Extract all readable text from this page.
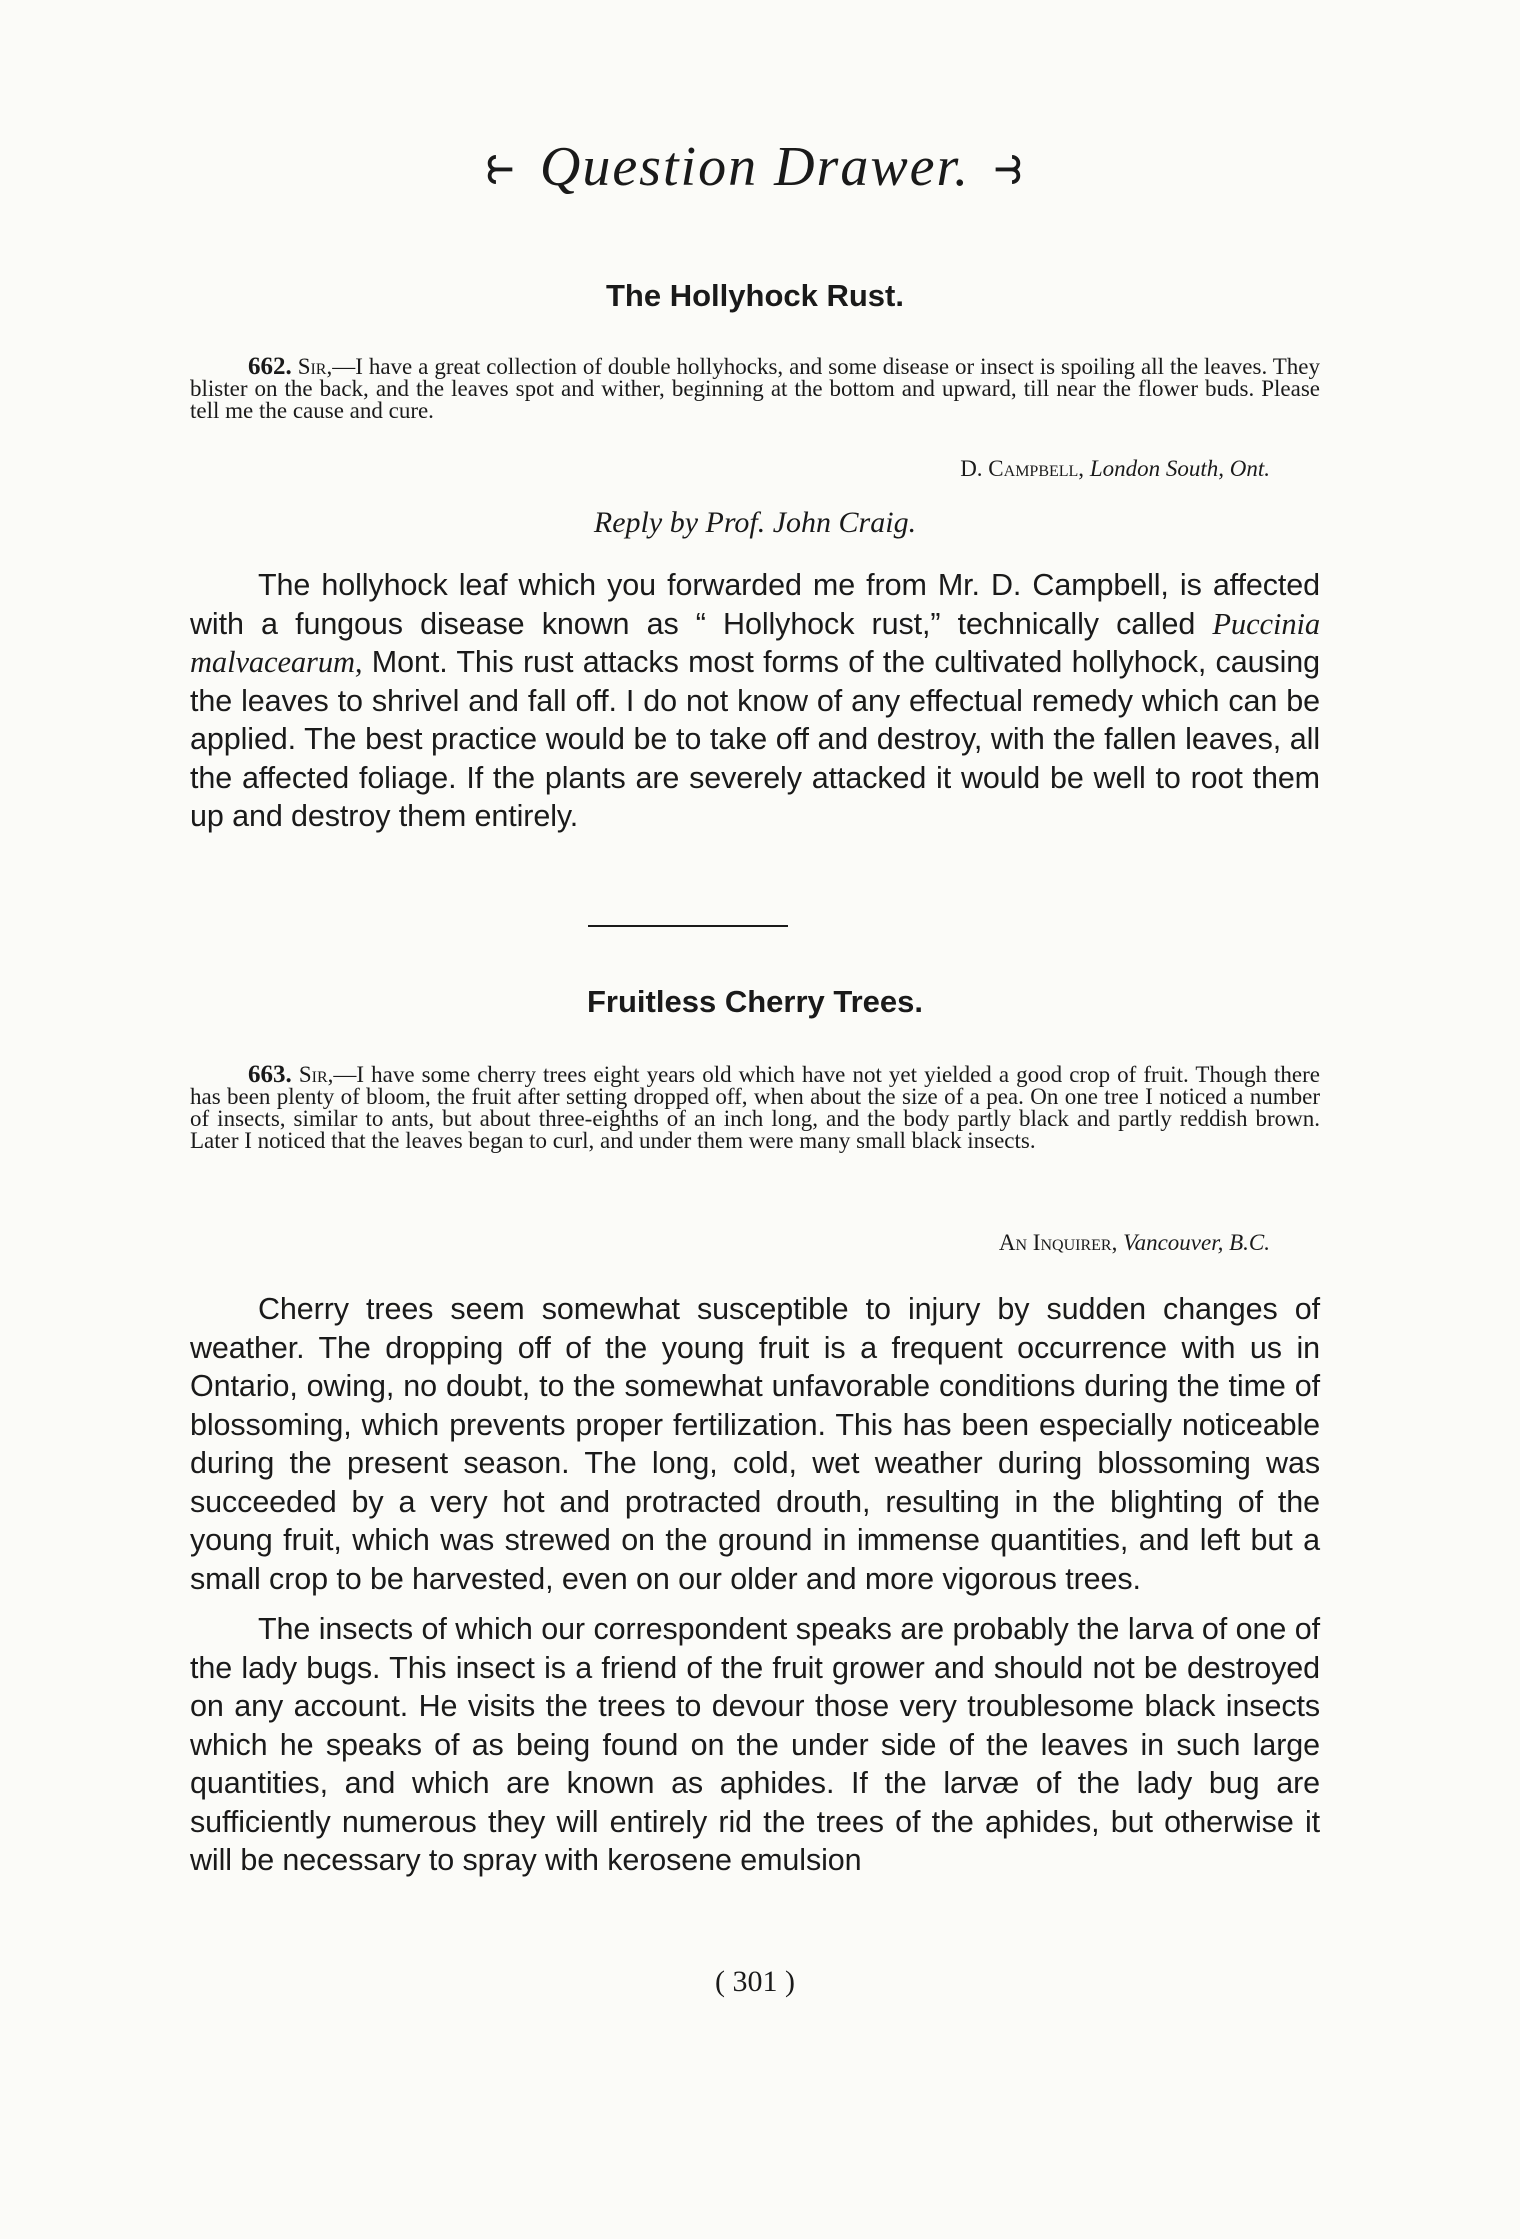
⥼ Question Drawer. ⥽
The Hollyhock Rust.
662. Sir,—I have a great collection of double hollyhocks, and some disease or insect is spoiling all the leaves. They blister on the back, and the leaves spot and wither, beginning at the bottom and upward, till near the flower buds. Please tell me the cause and cure.
D. Campbell, London South, Ont.
Reply by Prof. John Craig.

The hollyhock leaf which you forwarded me from Mr. D. Campbell, is affected with a fungous disease known as “ Hollyhock rust,” technically called Puccinia malvacearum, Mont. This rust attacks most forms of the cultivated hollyhock, causing the leaves to shrivel and fall off. I do not know of any effectual remedy which can be applied. The best practice would be to take off and destroy, with the fallen leaves, all the affected foliage. If the plants are severely attacked it would be well to root them up and destroy them entirely.

Fruitless Cherry Trees.
663. Sir,—I have some cherry trees eight years old which have not yet yielded a good crop of fruit. Though there has been plenty of bloom, the fruit after setting dropped off, when about the size of a pea. On one tree I noticed a number of insects, similar to ants, but about three-eighths of an inch long, and the body partly black and partly reddish brown. Later I noticed that the leaves began to curl, and under them were many small black insects.
An Inquirer, Vancouver, B.C.

Cherry trees seem somewhat susceptible to injury by sudden changes of weather. The dropping off of the young fruit is a frequent occurrence with us in Ontario, owing, no doubt, to the somewhat unfavorable conditions during the time of blossoming, which prevents proper fertilization. This has been especially noticeable during the present season. The long, cold, wet weather during blossoming was succeeded by a very hot and protracted drouth, resulting in the blighting of the young fruit, which was strewed on the ground in immense quantities, and left but a small crop to be harvested, even on our older and more vigorous trees.

The insects of which our correspondent speaks are probably the larva of one of the lady bugs. This insect is a friend of the fruit grower and should not be destroyed on any account. He visits the trees to devour those very troublesome black insects which he speaks of as being found on the under side of the leaves in such large quantities, and which are known as aphides. If the larvæ of the lady bug are sufficiently numerous they will entirely rid the trees of the aphides, but otherwise it will be necessary to spray with kerosene emulsion

( 301 )
